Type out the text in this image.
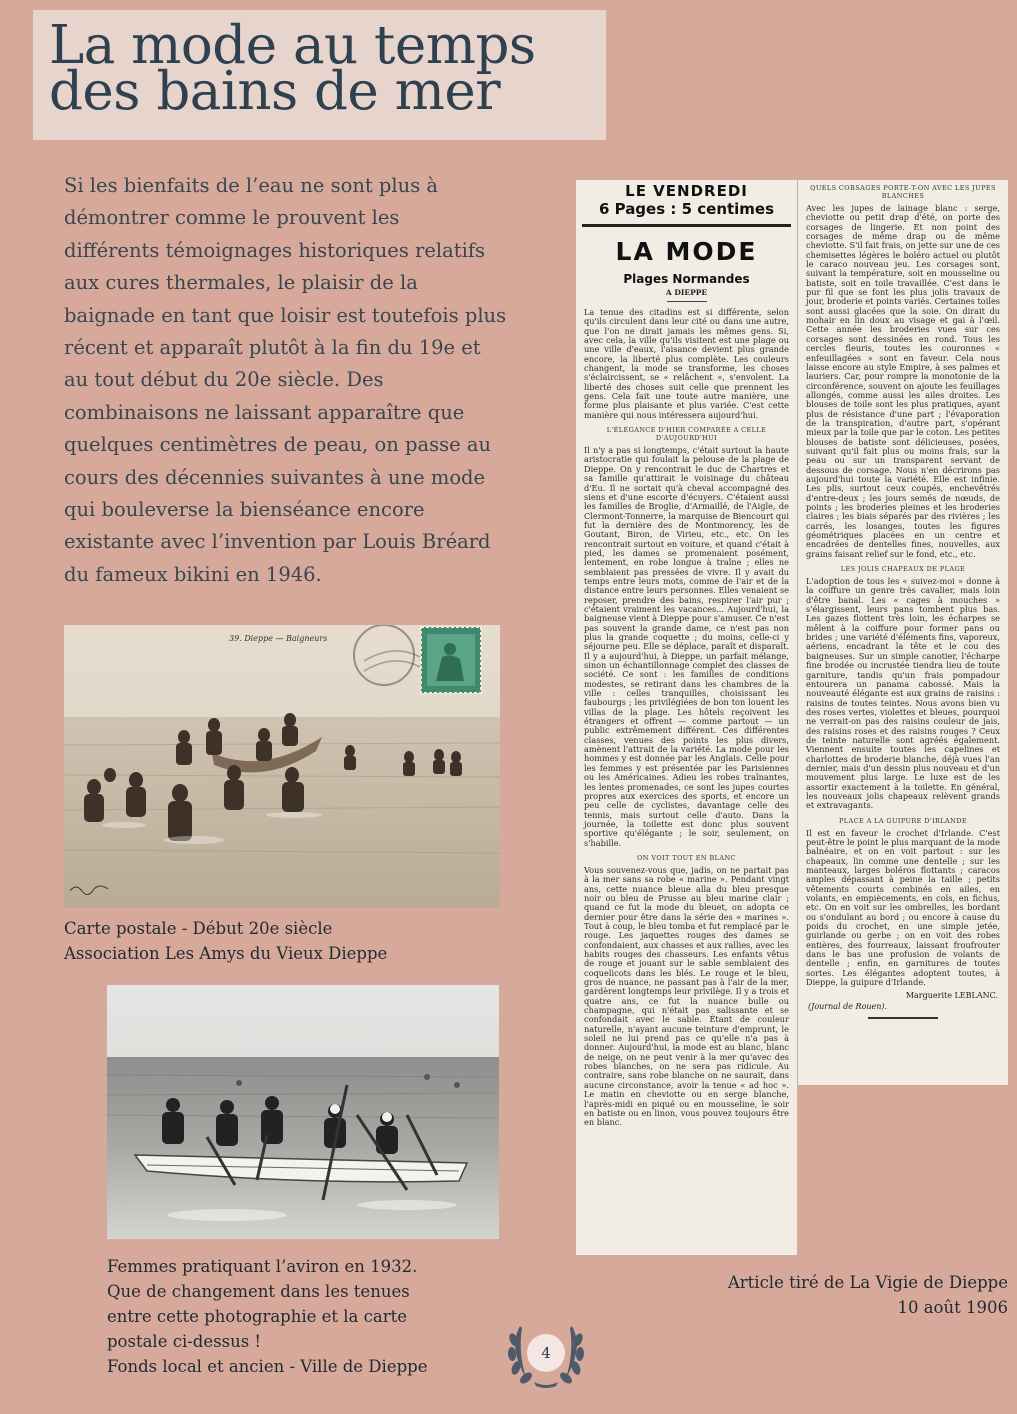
La mode au temps
des bains de mer
Si les bienfaits de l’eau ne sont plus à
démontrer comme le prouvent les
différents témoignages historiques relatifs
aux cures thermales, le plaisir de la
baignade en tant que loisir est toutefois plus
récent et apparaît plutôt à la fin du 19e et
au tout début du 20e siècle. Des
combinaisons ne laissant apparaître que
quelques centimètres de peau, on passe au
cours des décennies suivantes à une mode
qui bouleverse la bienséance encore
existante avec l’invention par Louis Bréard
du fameux bikini en 1946.
39. Dieppe — Baigneurs
Carte postale - Début 20e siècle
Association Les Amys du Vieux Dieppe
Femmes pratiquant l’aviron en 1932.
Que de changement dans les tenues
entre cette photographie et la carte
postale ci-dessus !
Fonds local et ancien - Ville de Dieppe
LE VENDREDI
6 Pages : 5 centimes
LA MODE
Plages Normandes
A DIEPPE

La tenue des citadins est si différente, selon qu'ils circulent dans leur cité ou dans une autre, que l'on ne dirait jamais les mêmes gens. Si, avec cela, la ville qu'ils visitent est une plage ou une ville d'eaux, l'aisance devient plus grande encore, la liberté plus complète. Les couleurs changent, la mode se transforme, les choses s'éclaircissent, se « relâchent », s'envolent. La liberté des choses suit celle que prennent les gens. Cela fait une toute autre manière, une forme plus plaisante et plus variée. C'est cette manière qui nous intéressera aujourd'hui.

L'ÉLÉGANCE D'HIER COMPARÉE A CELLE D'AUJOURD'HUI

Il n'y a pas si longtemps, c'était surtout la haute aristocratie qui foulait la pelouse de la plage de Dieppe. On y rencontrait le duc de Chartres et sa famille qu'attirait le voisinage du château d'Eu. Il ne sortait qu'à cheval accompagné des siens et d'une escorte d'écuyers. C'étaient aussi les familles de Broglie, d'Armaillé, de l'Aigle, de Clermont-Tonnerre, la marquise de Biencourt qui fut la dernière des de Montmorency, les de Goutant, Biron, de Virieu, etc., etc. On les rencontrait surtout en voiture, et quand c'était à pied, les dames se promenaient posément, lentement, en robe longue à traîne ; elles ne semblaient pas pressées de vivre. Il y avait du temps entre leurs mots, comme de l'air et de la distance entre leurs personnes. Elles venaient se reposer, prendre des bains, respirer l'air pur ; c'étaient vraiment les vacances... Aujourd'hui, la baigneuse vient à Dieppe pour s'amuser. Ce n'est pas souvent la grande dame, ce n'est pas non plus la grande coquette ; du moins, celle-ci y séjourne peu. Elle se déplace, paraît et disparaît. Il y a aujourd'hui, à Dieppe, un parfait mélange, sinon un échantillonnage complet des classes de société. Ce sont : les familles de conditions modestes, se retirant dans les chambres de la ville : celles tranquilles, choisissant les faubourgs ; les privilégiées de bon ton louent les villas de la plage. Les hôtels reçoivent les étrangers et offrent — comme partout — un public extrêmement différent. Ces différentes classes, venues des points les plus divers, amènent l'attrait de la variété. La mode pour les hommes y est donnée par les Anglais. Celle pour les femmes y est présentée par les Parisiennes ou les Américaines. Adieu les robes traînantes, les lentes promenades, ce sont les jupes courtes propres aux exercices des sports, et encore un peu celle de cyclistes, davantage celle des tennis, mais surtout celle d'auto. Dans la journée, la toilette est donc plus souvent sportive qu'élégante ; le soir, seulement, on s'habille.

ON VOIT TOUT EN BLANC

Vous souvenez-vous que, jadis, on ne partait pas à la mer sans sa robe « marine ». Pendant vingt ans, cette nuance bleue alla du bleu presque noir ou bleu de Prusse au bleu marine clair ; quand ce fut la mode du bleuet, on adopta ce dernier pour être dans la série des « marines ». Tout à coup, le bleu tomba et fut remplacé par le rouge. Les jaquettes rouges des dames se confondaient, aux chasses et aux rallies, avec les habits rouges des chasseurs. Les enfants vêtus de rouge et jouant sur le sable semblaient des coquelicots dans les blés. Le rouge et le bleu, gros de nuance, ne passant pas à l'air de la mer, gardèrent longtemps leur privilège. Il y a trois et quatre ans, ce fut la nuance bulle ou champagne, qui n'était pas salissante et se confondait avec le sable. Étant de couleur naturelle, n'ayant aucune teinture d'emprunt, le soleil ne lui prend pas ce qu'elle n'a pas à donner. Aujourd'hui, la mode est au blanc, blanc de neige, on ne peut venir à la mer qu'avec des robes blanches, on ne sera pas ridicule. Au contraire, sans robe blanche on ne saurait, dans aucune circonstance, avoir la tenue « ad hoc ». Le matin en cheviotte ou en serge blanche, l'après-midi en piqué ou en mousseline, le soir en batiste ou en linon, vous pouvez toujours être en blanc.

QUELS CORSAGES PORTE-T-ON AVEC LES JUPES BLANCHES

Avec les jupes de lainage blanc : serge, cheviotte ou petit drap d'été, on porte des corsages de lingerie. Et non point des corsages de même drap ou de même cheviotte. S'il fait frais, on jette sur une de ces chemisettes légères le boléro actuel ou plutôt le caraco nouveau jeu. Les corsages sont, suivant la température, soit en mousseline ou batiste, soit en toile travaillée. C'est dans le pur fil que se font les plus jolis travaux de jour, broderie et points variés. Certaines toiles sont aussi glacées que la soie. On dirait du mohair en lin doux au visage et gai à l'œil. Cette année les broderies vues sur ces corsages sont dessinées en rond. Tous les cercles fleuris, toutes les couronnes « enfeuillagées » sont en faveur. Cela nous laisse encore au style Empire, à ses palmes et lauriers. Car, pour rompre la monotonie de la circonférence, souvent on ajoute les feuillages allongés, comme aussi les ailes droites. Les blouses de toile sont les plus pratiques, ayant plus de résistance d'une part ; l'évaporation de la transpiration, d'autre part, s'opérant mieux par la toile que par le coton. Les petites blouses de batiste sont délicieuses, posées, suivant qu'il fait plus ou moins frais, sur la peau ou sur un transparent servant de dessous de corsage. Nous n'en décrirons pas aujourd'hui toute la variété. Elle est infinie. Les plis, surtout ceux coupés, enchevêtrés d'entre-deux ; les jours semés de nœuds, de points ; les broderies pleines et les broderies claires ; les biais séparés par des rivières ; les carrés, les losanges, toutes les figures géométriques placées en un centre et encadrées de dentelles fines, nouvelles, aux grains faisant relief sur le fond, etc., etc.

LES JOLIS CHAPEAUX DE PLAGE

L'adoption de tous les « suivez-moi » donne à la coiffure un genre très cavalier, mais loin d'être banal. Les « cages à mouches » s'élargissent, leurs pans tombent plus bas. Les gazes flottent très loin, les écharpes se mêlent à la coiffure pour former pans ou brides ; une variété d'éléments fins, vaporeux, aériens, encadrant la tête et le cou des baigneuses. Sur un simple canotier, l'écharpe fine brodée ou incrustée tiendra lieu de toute garniture, tandis qu'un frais pompadour entourera un panama cabossé. Mais la nouveauté élégante est aux grains de raisins : raisins de toutes teintes. Nous avons bien vu des roses vertes, violettes et bleues, pourquoi ne verrait-on pas des raisins couleur de jais, des raisins roses et des raisins rouges ? Ceux de teinte naturelle sont agréés également. Viennent ensuite toutes les capelines et charlottes de broderie blanche, déjà vues l'an dernier, mais d'un dessin plus nouveau et d'un mouvement plus large. Le luxe est de les assortir exactement à la toilette. En général, les nouveaux jolis chapeaux relèvent grands et extravagants.

PLACE A LA GUIPURE D'IRLANDE

Il est en faveur le crochet d'Irlande. C'est peut-être le point le plus marquant de la mode balnéaire, et on en voit partout : sur les chapeaux, lin comme une dentelle ; sur les manteaux, larges boléros flottants ; caracos amples dépassant à peine la taille ; petits vêtements courts combinés en ailes, en volants, en empiècements, en cols, en fichus, etc. On en voit sur les ombrelles, les bordant ou s'ondulant au bord ; ou encore à cause du poids du crochet, en une simple jetée, guirlande ou gerbe ; on en voit des robes entières, des fourreaux, laissant froufrouter dans le bas une profusion de volants de dentelle ; enfin, en garnitures de toutes sortes. Les élégantes adoptent toutes, à Dieppe, la guipure d'Irlande.

Marguerite LEBLANC.
(Journal de Rouen).
Article tiré de La Vigie de Dieppe
10 août 1906
4
